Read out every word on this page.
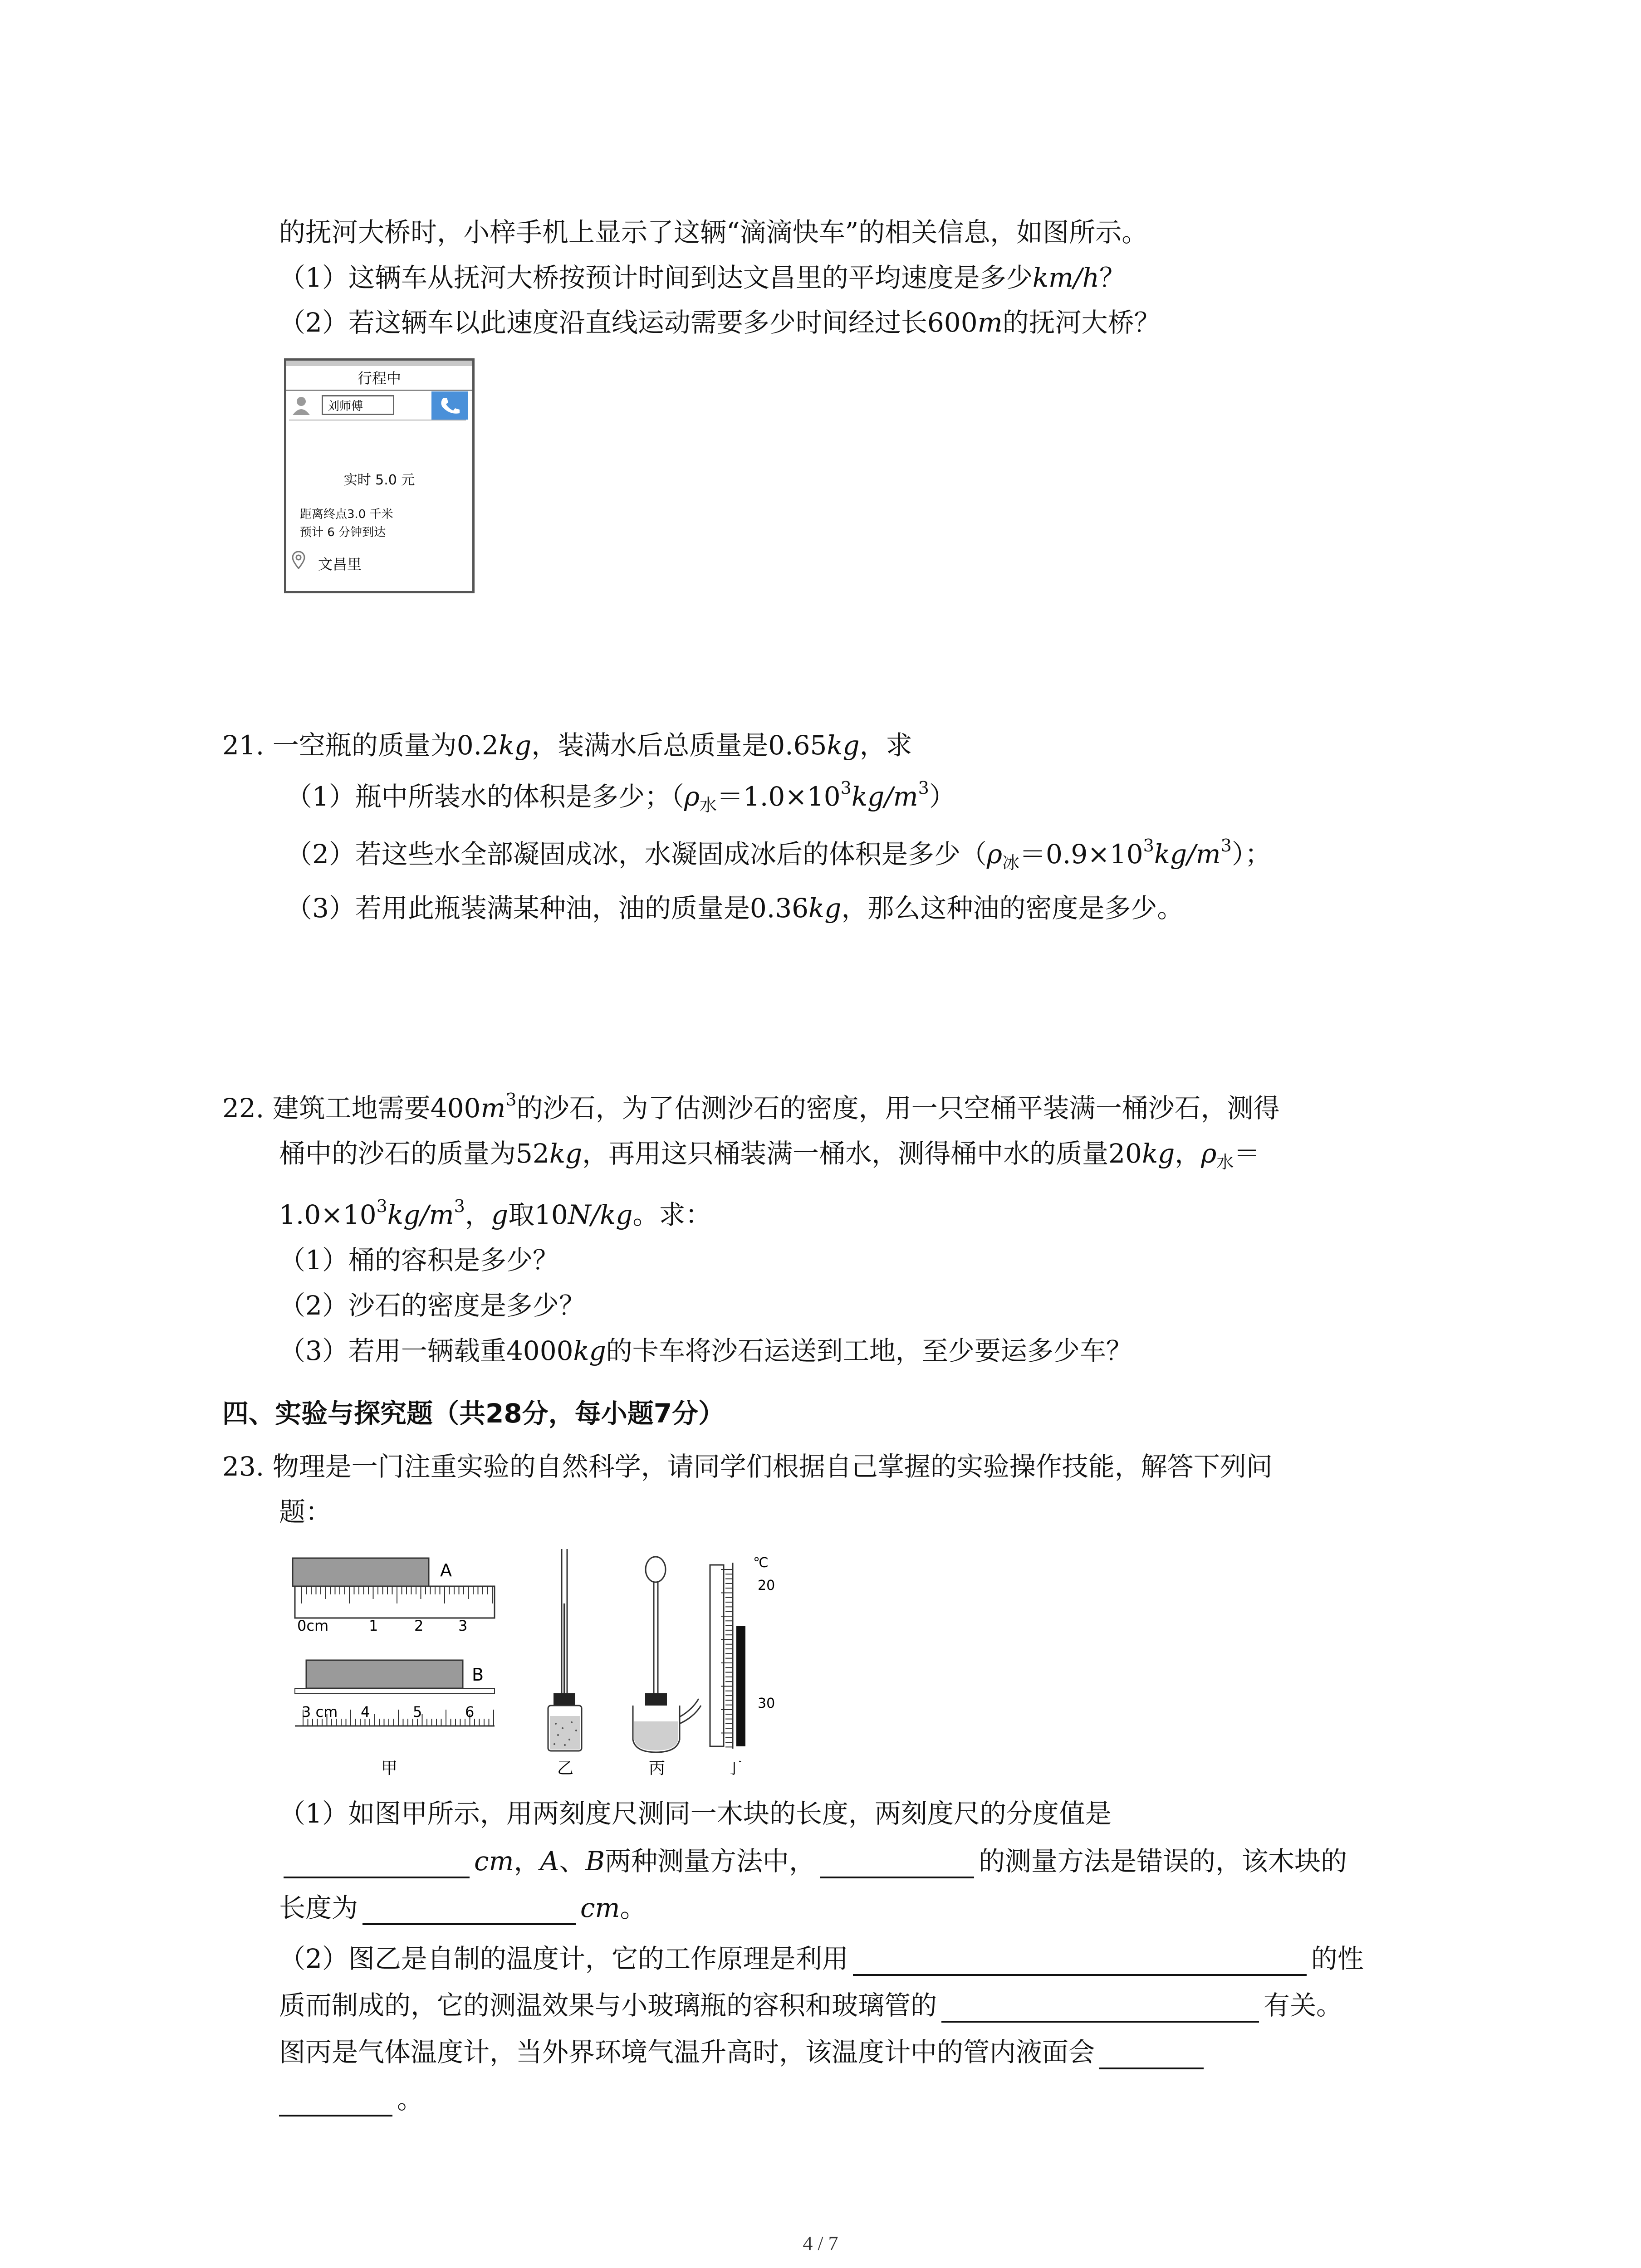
的抚河大桥时，小梓手机上显示了这辆“滴滴快车”的相关信息，如图所示。
（1）这辆车从抚河大桥按预计时间到达文昌里的平均速度是多少km/h？
（2）若这辆车以此速度沿直线运动需要多少时间经过长600m的抚河大桥？
行程中
刘师傅
实时 5.0 元
距离终点3.0 千米
预计 6 分钟到达
文昌里
21. 一空瓶的质量为0.2kg，装满水后总质量是0.65kg，求
（1）瓶中所装水的体积是多少；$(\rho_水=1.0\times 10^3kg/m^3)$
（2）若这些水全部凝固成冰，水凝固成冰后的体积是多少$(\rho_冰=0.9\times 10^3kg/m^3)$；
（3）若用此瓶装满某种油，油的质量是0.36kg，那么这种油的密度是多少。
22. 建筑工地需要$400m^3$的沙石，为了估测沙石的密度，用一只空桶平装满一桶沙石，测得
桶中的沙石的质量为52kg，再用这只桶装满一桶水，测得桶中水的质量20kg，$\rho_水=$
$1.0\times 10^3kg/m^3$，g取10N/kg。求：
（1）桶的容积是多少？
（2）沙石的密度是多少？
（3）若用一辆载重4000kg的卡车将沙石运送到工地，至少要运多少车？
四、实验与探究题（共28分，每小题7分）
23. 物理是一门注重实验的自然科学，请同学们根据自己掌握的实验操作技能，解答下列问
题：
A
0cm	1 2 3
B
3 cm 4	5	6
甲	乙	丙
℃
20
30
丁
（1）如图甲所示，用两刻度尺测同一木块的长度，两刻度尺的分度值是
cm，A、B两种测量方法中，	的测量方法是错误的，该木块的
长度为	cm。
（2）图乙是自制的温度计，它的工作原理是利用	的性
质而制成的，它的测温效果与小玻璃瓶的容积和玻璃管的	有关。
图丙是气体温度计，当外界环境气温升高时，该温度计中的管内液面会
。
4 / 7
